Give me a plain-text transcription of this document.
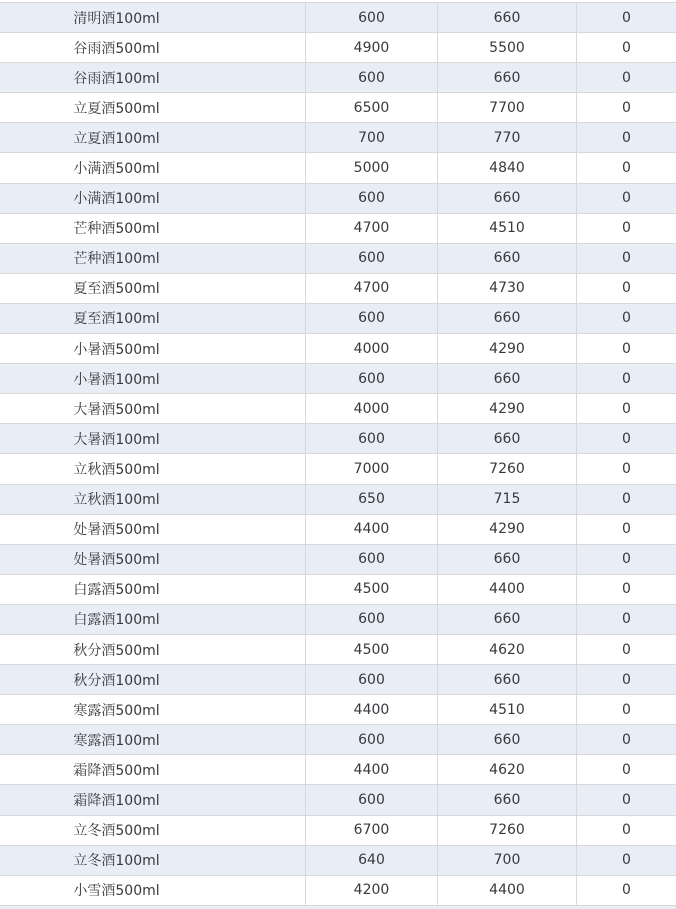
清明酒100ml	600	660	0
谷雨酒500ml	4900	5500	0
谷雨酒100ml	600	660	0
立夏酒500ml	6500	7700	0
立夏酒100ml	700	770	0
小满酒500ml	5000	4840	0
小满酒100ml	600	660	0
芒种酒500ml	4700	4510	0
芒种酒100ml	600	660	0
夏至酒500ml	4700	4730	0
夏至酒100ml	600	660	0
小暑酒500ml	4000	4290	0
小暑酒100ml	600	660	0
大暑酒500ml	4000	4290	0
大暑酒100ml	600	660	0
立秋酒500ml	7000	7260	0
立秋酒100ml	650	715	0
处暑酒500ml	4400	4290	0
处暑酒500ml	600	660	0
白露酒500ml	4500	4400	0
白露酒100ml	600	660	0
秋分酒500ml	4500	4620	0
秋分酒100ml	600	660	0
寒露酒500ml	4400	4510	0
寒露酒100ml	600	660	0
霜降酒500ml	4400	4620	0
霜降酒100ml	600	660	0
立冬酒500ml	6700	7260	0
立冬酒100ml	640	700	0
小雪酒500ml	4200	4400	0
